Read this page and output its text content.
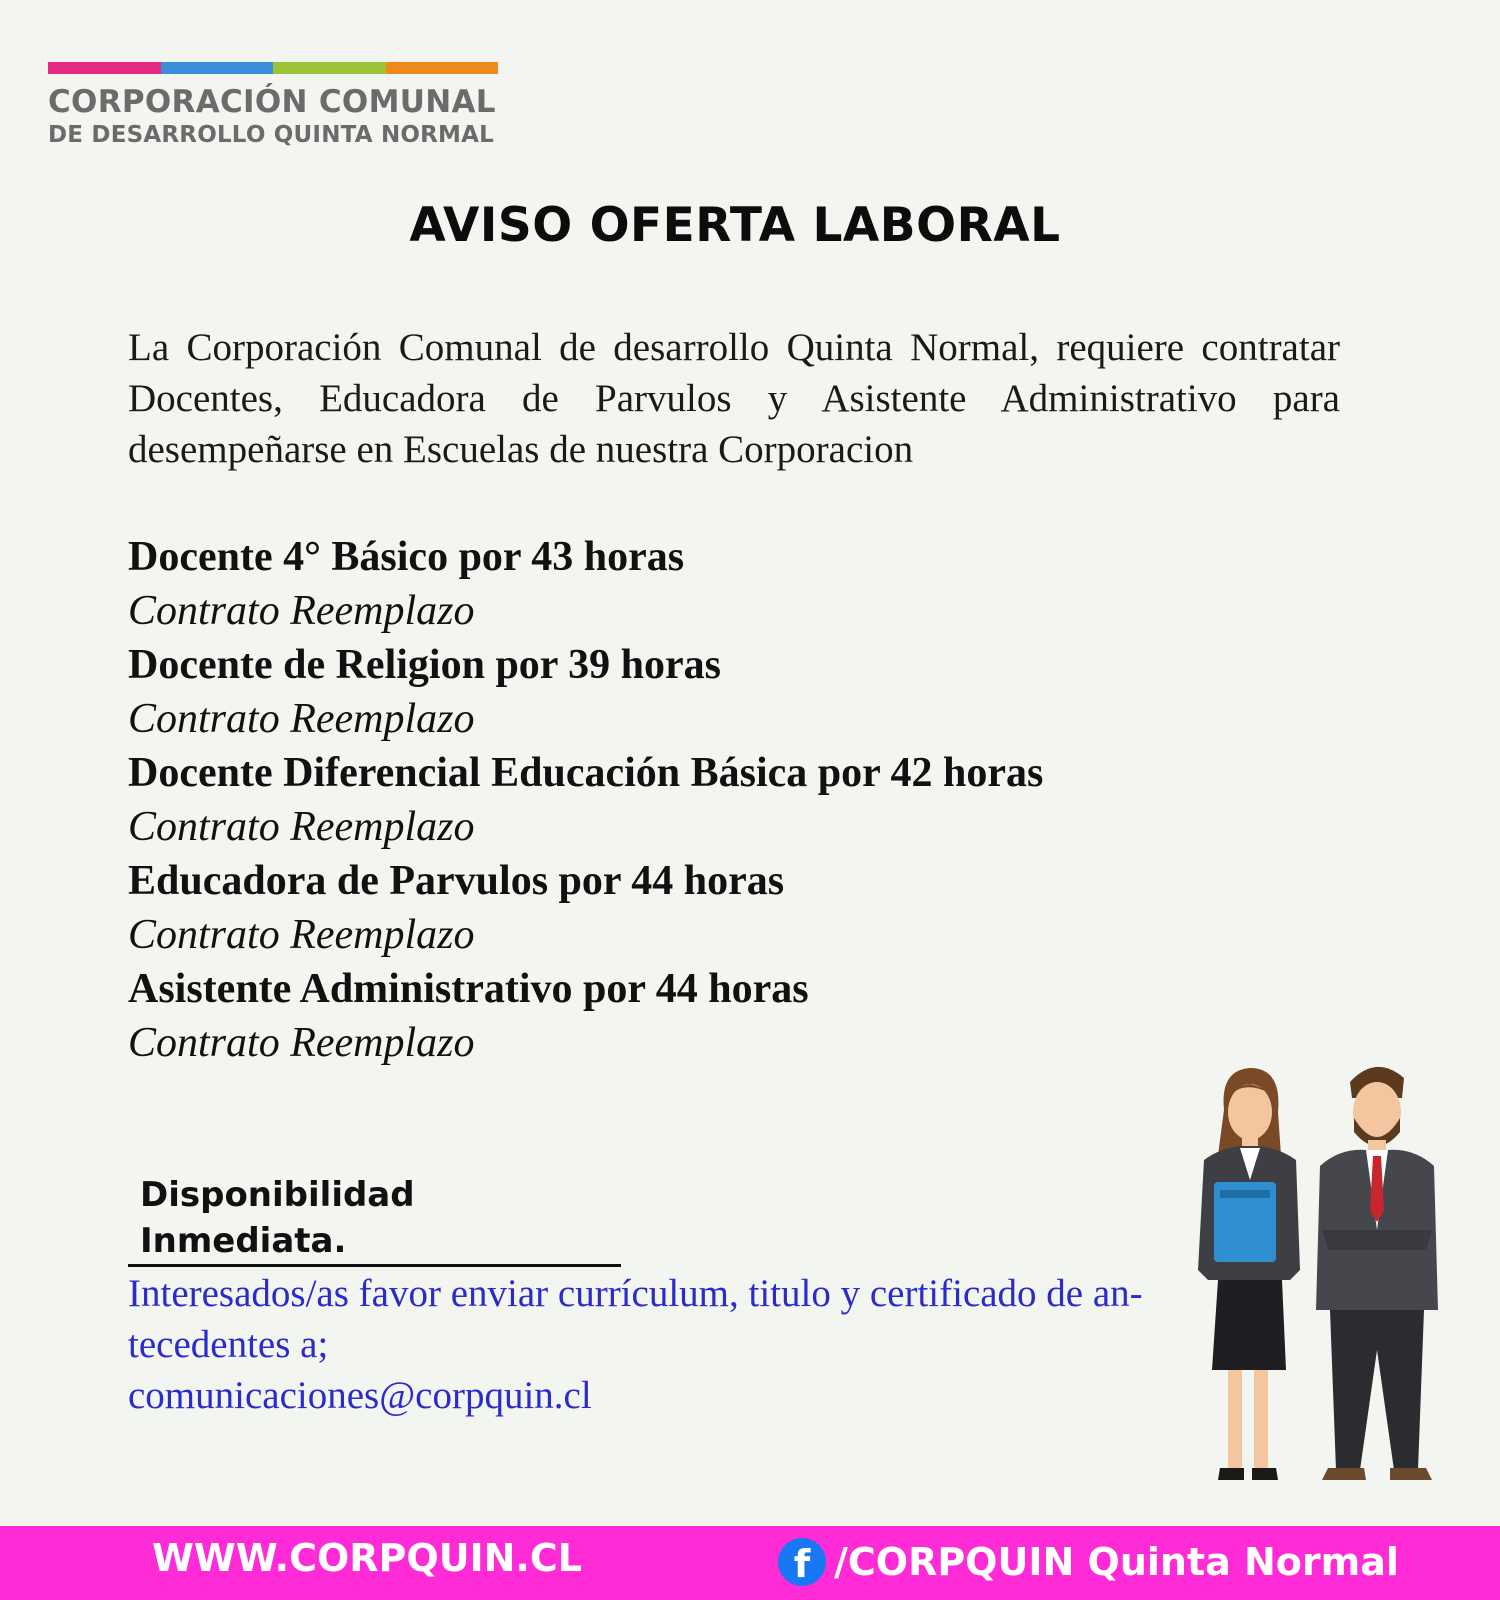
CORPORACIÓN COMUNAL
DE DESARROLLO QUINTA NORMAL
AVISO OFERTA LABORAL
La Corporación Comunal de desarrollo Quinta Normal, requiere contratar Docentes, Educadora de Parvulos y Asistente Administrativo para desempeñarse en Escuelas de nuestra Corporacion
Docente 4° Básico por 43 horas
Contrato Reemplazo
Docente de Religion por 39 horas
Contrato Reemplazo
Docente Diferencial Educación Básica por 42 horas
Contrato Reemplazo
Educadora de Parvulos por 44 horas
Contrato Reemplazo
Asistente Administrativo por 44 horas
Contrato Reemplazo
Disponibilidad Inmediata.
Interesados/as favor enviar currículum, titulo y certificado de an-
tecedentes a;
comunicaciones@corpquin.cl
WWW.CORPQUIN.CL	f /CORPQUIN Quinta Normal
